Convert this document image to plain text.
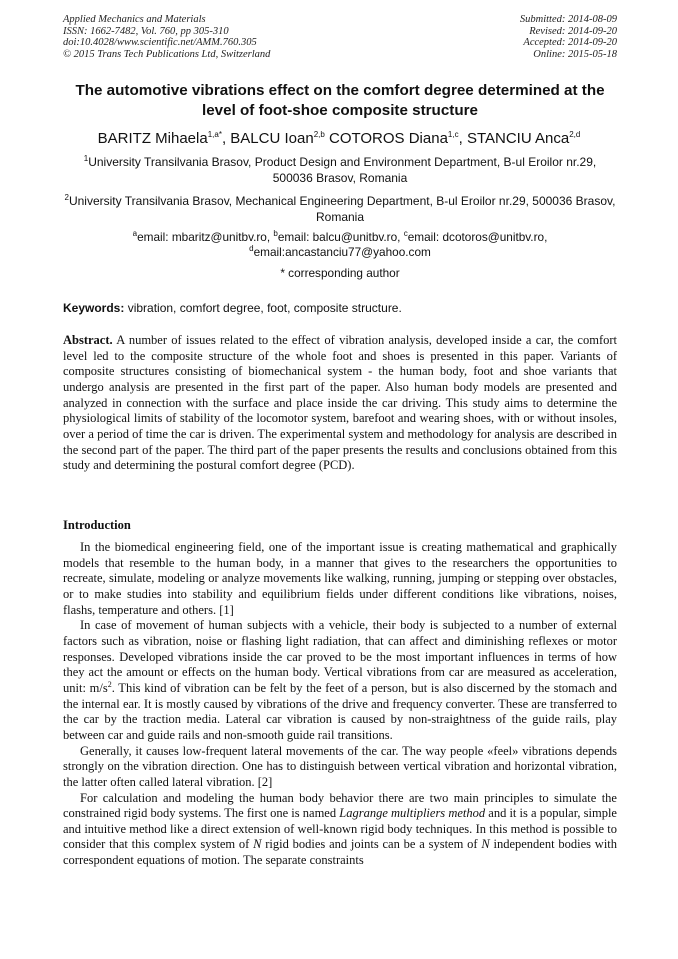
Applied Mechanics and Materials
ISSN: 1662-7482, Vol. 760, pp 305-310
doi:10.4028/www.scientific.net/AMM.760.305
© 2015 Trans Tech Publications Ltd, Switzerland
Submitted: 2014-08-09
Revised: 2014-09-20
Accepted: 2014-09-20
Online: 2015-05-18
The automotive vibrations effect on the comfort degree determined at the level of foot-shoe composite structure
BARITZ Mihaela$^{1,a*}$, BALCU Ioan$^{2,b}$ COTOROS Diana$^{1,c}$, STANCIU Anca$^{2,d}$
$^1$University Transilvania Brasov, Product Design and Environment Department, B-ul Eroilor nr.29, 500036 Brasov, Romania
$^2$University Transilvania Brasov, Mechanical Engineering Department, B-ul Eroilor nr.29, 500036 Brasov, Romania
$^a$email: mbaritz@unitbv.ro, $^b$email: balcu@unitbv.ro, $^c$email: dcotoros@unitbv.ro,
$^d$email:ancastanciu77@yahoo.com
* corresponding author
Keywords: vibration, comfort degree, foot, composite structure.
Abstract. A number of issues related to the effect of vibration analysis, developed inside a car, the comfort level led to the composite structure of the whole foot and shoes is presented in this paper. Variants of composite structures consisting of biomechanical system - the human body, foot and shoe variants that undergo analysis are presented in the first part of the paper. Also human body models are presented and analyzed in connection with the surface and place inside the car driving. This study aims to determine the physiological limits of stability of the locomotor system, barefoot and wearing shoes, with or without insoles, over a period of time the car is driven. The experimental system and methodology for analysis are described in the second part of the paper. The third part of the paper presents the results and conclusions obtained from this study and determining the postural comfort degree (PCD).
Introduction

In the biomedical engineering field, one of the important issue is creating mathematical and graphically models that resemble to the human body, in a manner that gives to the researchers the opportunities to recreate, simulate, modeling or analyze movements like walking, running, jumping or stepping over obstacles, or to make studies into stability and equilibrium fields under different conditions like vibrations, noises, flashs, temperature and others. [1]

In case of movement of human subjects with a vehicle, their body is subjected to a number of external factors such as vibration, noise or flashing light radiation, that can affect and diminishing reflexes or motor responses. Developed vibrations inside the car proved to be the most important influences in terms of how they act the amount or effects on the human body. Vertical vibrations from car are measured as acceleration, unit: $m/s^2$. This kind of vibration can be felt by the feet of a person, but is also discerned by the stomach and the internal ear. It is mostly caused by vibrations of the drive and frequency converter. These are transferred to the car by the traction media. Lateral car vibration is caused by non-straightness of the guide rails, play between car and guide rails and non-smooth guide rail transitions.

Generally, it causes low-frequent lateral movements of the car. The way people «feel» vibrations depends strongly on the vibration direction. One has to distinguish between vertical vibration and horizontal vibration, the latter often called lateral vibration. [2]

For calculation and modeling the human body behavior there are two main principles to simulate the constrained rigid body systems. The first one is named Lagrange multipliers method and it is a popular, simple and intuitive method like a direct extension of well-known rigid body techniques. In this method is possible to consider that this complex system of N rigid bodies and joints can be a system of N independent bodies with correspondent equations of motion. The separate constraints
